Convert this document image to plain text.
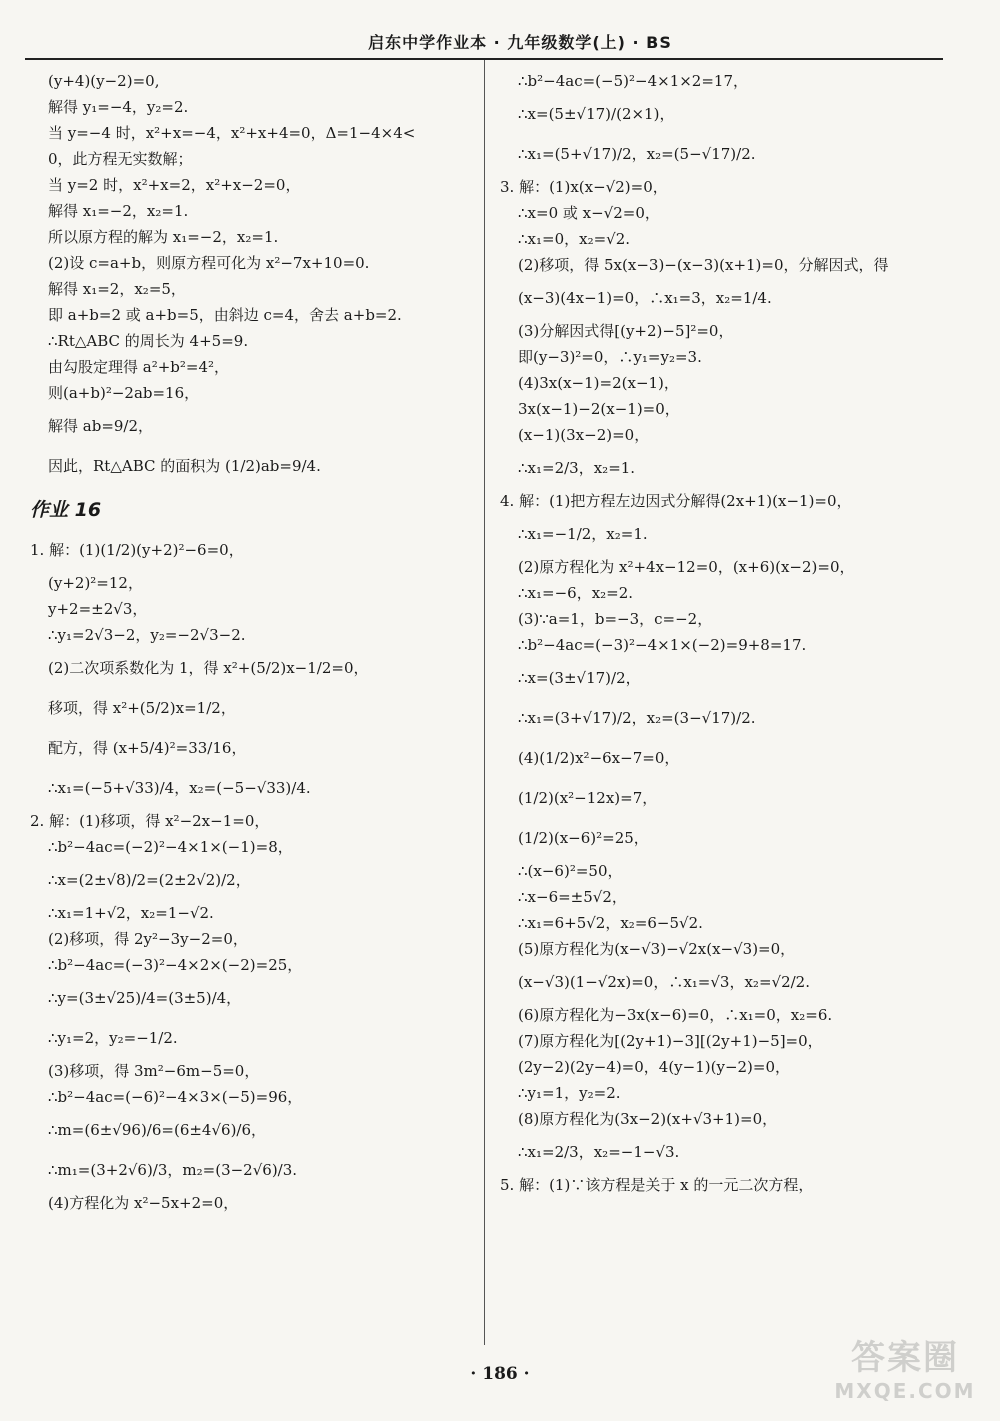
启东中学作业本 · 九年级数学(上) · BS
(y+4)(y−2)=0,
解得 y₁=−4，y₂=2.
当 y=−4 时，x²+x=−4，x²+x+4=0，Δ=1−4×4<
0，此方程无实数解；
当 y=2 时，x²+x=2，x²+x−2=0，
解得 x₁=−2，x₂=1.
所以原方程的解为 x₁=−2，x₂=1.
(2)设 c=a+b，则原方程可化为 x²−7x+10=0.
解得 x₁=2，x₂=5，
即 a+b=2 或 a+b=5，由斜边 c=4，舍去 a+b=2.
∴Rt△ABC 的周长为 4+5=9.
由勾股定理得 a²+b²=4²，
则(a+b)²−2ab=16，
解得 ab=9/2，
因此，Rt△ABC 的面积为 (1/2)ab=9/4.
作业 16
1. 解：(1)(1/2)(y+2)²−6=0，
(y+2)²=12，
y+2=±2√3，
∴y₁=2√3−2，y₂=−2√3−2.
(2)二次项系数化为 1，得 x²+(5/2)x−1/2=0，
移项，得 x²+(5/2)x=1/2，
配方，得 (x+5/4)²=33/16，
∴x₁=(−5+√33)/4，x₂=(−5−√33)/4.
2. 解：(1)移项，得 x²−2x−1=0，
∴b²−4ac=(−2)²−4×1×(−1)=8，
∴x=(2±√8)/2=(2±2√2)/2，
∴x₁=1+√2，x₂=1−√2.
(2)移项，得 2y²−3y−2=0，
∴b²−4ac=(−3)²−4×2×(−2)=25，
∴y=(3±√25)/4=(3±5)/4，
∴y₁=2，y₂=−1/2.
(3)移项，得 3m²−6m−5=0，
∴b²−4ac=(−6)²−4×3×(−5)=96，
∴m=(6±√96)/6=(6±4√6)/6，
∴m₁=(3+2√6)/3，m₂=(3−2√6)/3.
(4)方程化为 x²−5x+2=0，
∴b²−4ac=(−5)²−4×1×2=17，
∴x=(5±√17)/(2×1)，
∴x₁=(5+√17)/2，x₂=(5−√17)/2.
3. 解：(1)x(x−√2)=0，
∴x=0 或 x−√2=0，
∴x₁=0，x₂=√2.
(2)移项，得 5x(x−3)−(x−3)(x+1)=0，分解因式，得
(x−3)(4x−1)=0，∴x₁=3，x₂=1/4.
(3)分解因式得[(y+2)−5]²=0，
即(y−3)²=0，∴y₁=y₂=3.
(4)3x(x−1)=2(x−1)，
3x(x−1)−2(x−1)=0，
(x−1)(3x−2)=0，
∴x₁=2/3，x₂=1.
4. 解：(1)把方程左边因式分解得(2x+1)(x−1)=0，
∴x₁=−1/2，x₂=1.
(2)原方程化为 x²+4x−12=0，(x+6)(x−2)=0，
∴x₁=−6，x₂=2.
(3)∵a=1，b=−3，c=−2，
∴b²−4ac=(−3)²−4×1×(−2)=9+8=17.
∴x=(3±√17)/2，
∴x₁=(3+√17)/2，x₂=(3−√17)/2.
(4)(1/2)x²−6x−7=0，
(1/2)(x²−12x)=7，
(1/2)(x−6)²=25，
∴(x−6)²=50，
∴x−6=±5√2，
∴x₁=6+5√2，x₂=6−5√2.
(5)原方程化为(x−√3)−√2x(x−√3)=0，
(x−√3)(1−√2x)=0，∴x₁=√3，x₂=√2/2.
(6)原方程化为−3x(x−6)=0，∴x₁=0，x₂=6.
(7)原方程化为[(2y+1)−3][(2y+1)−5]=0，
(2y−2)(2y−4)=0，4(y−1)(y−2)=0，
∴y₁=1，y₂=2.
(8)原方程化为(3x−2)(x+√3+1)=0，
∴x₁=2/3，x₂=−1−√3.
5. 解：(1)∵该方程是关于 x 的一元二次方程，
· 186 ·	答案圈
MXQE.COM
